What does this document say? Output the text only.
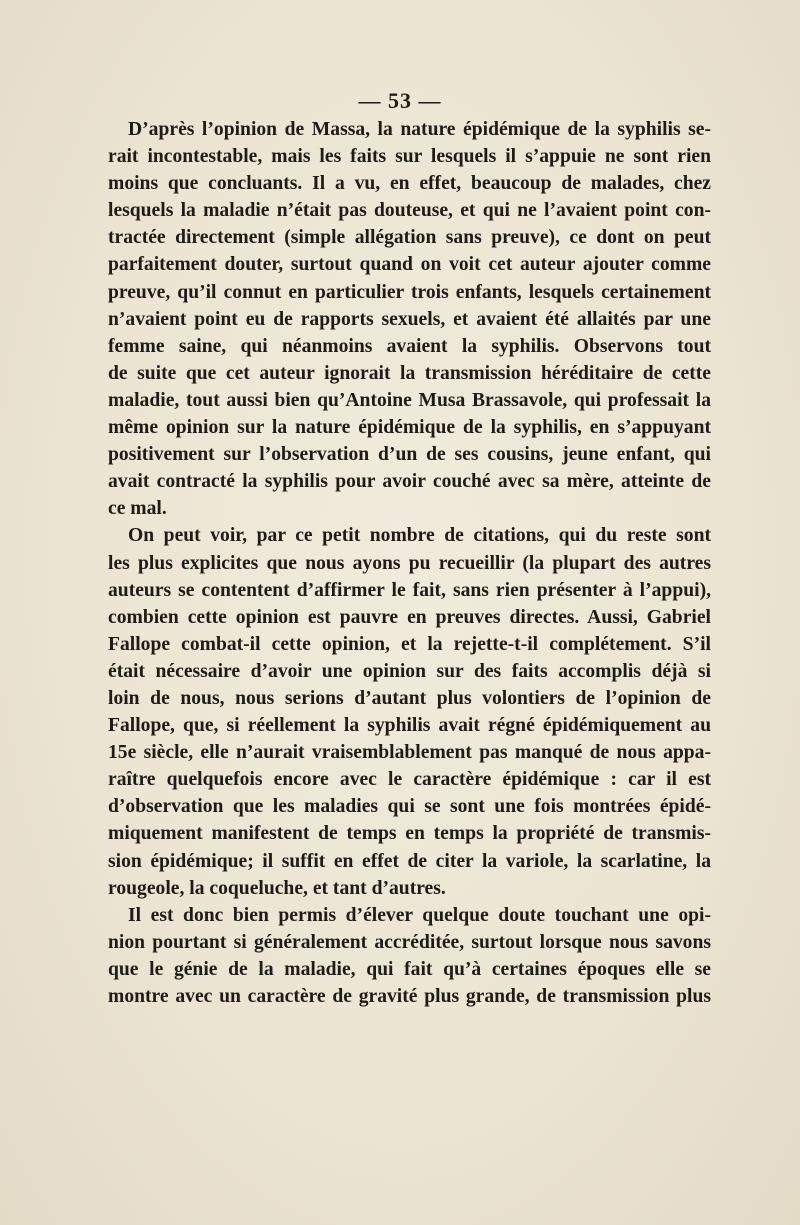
— 53 —
D’après l’opinion de Massa, la nature épidémique de la syphilis se-
rait incontestable, mais les faits sur lesquels il s’appuie ne sont rien
moins que concluants. Il a vu, en effet, beaucoup de malades, chez
lesquels la maladie n’était pas douteuse, et qui ne l’avaient point con-
tractée directement (simple allégation sans preuve), ce dont on peut
parfaitement douter, surtout quand on voit cet auteur ajouter comme
preuve, qu’il connut en particulier trois enfants, lesquels certainement
n’avaient point eu de rapports sexuels, et avaient été allaités par une
femme saine, qui néanmoins avaient la syphilis. Observons tout
de suite que cet auteur ignorait la transmission héréditaire de cette
maladie, tout aussi bien qu’Antoine Musa Brassavole, qui professait la
même opinion sur la nature épidémique de la syphilis, en s’appuyant
positivement sur l’observation d’un de ses cousins, jeune enfant, qui
avait contracté la syphilis pour avoir couché avec sa mère, atteinte de
ce mal.
On peut voir, par ce petit nombre de citations, qui du reste sont
les plus explicites que nous ayons pu recueillir (la plupart des autres
auteurs se contentent d’affirmer le fait, sans rien présenter à l’appui),
combien cette opinion est pauvre en preuves directes. Aussi, Gabriel
Fallope combat-il cette opinion, et la rejette-t-il complétement. S’il
était nécessaire d’avoir une opinion sur des faits accomplis déjà si
loin de nous, nous serions d’autant plus volontiers de l’opinion de
Fallope, que, si réellement la syphilis avait régné épidémiquement au
15e siècle, elle n’aurait vraisemblablement pas manqué de nous appa-
raître quelquefois encore avec le caractère épidémique : car il est
d’observation que les maladies qui se sont une fois montrées épidé-
miquement manifestent de temps en temps la propriété de transmis-
sion épidémique; il suffit en effet de citer la variole, la scarlatine, la
rougeole, la coqueluche, et tant d’autres.
Il est donc bien permis d’élever quelque doute touchant une opi-
nion pourtant si généralement accréditée, surtout lorsque nous savons
que le génie de la maladie, qui fait qu’à certaines époques elle se
montre avec un caractère de gravité plus grande, de transmission plus
